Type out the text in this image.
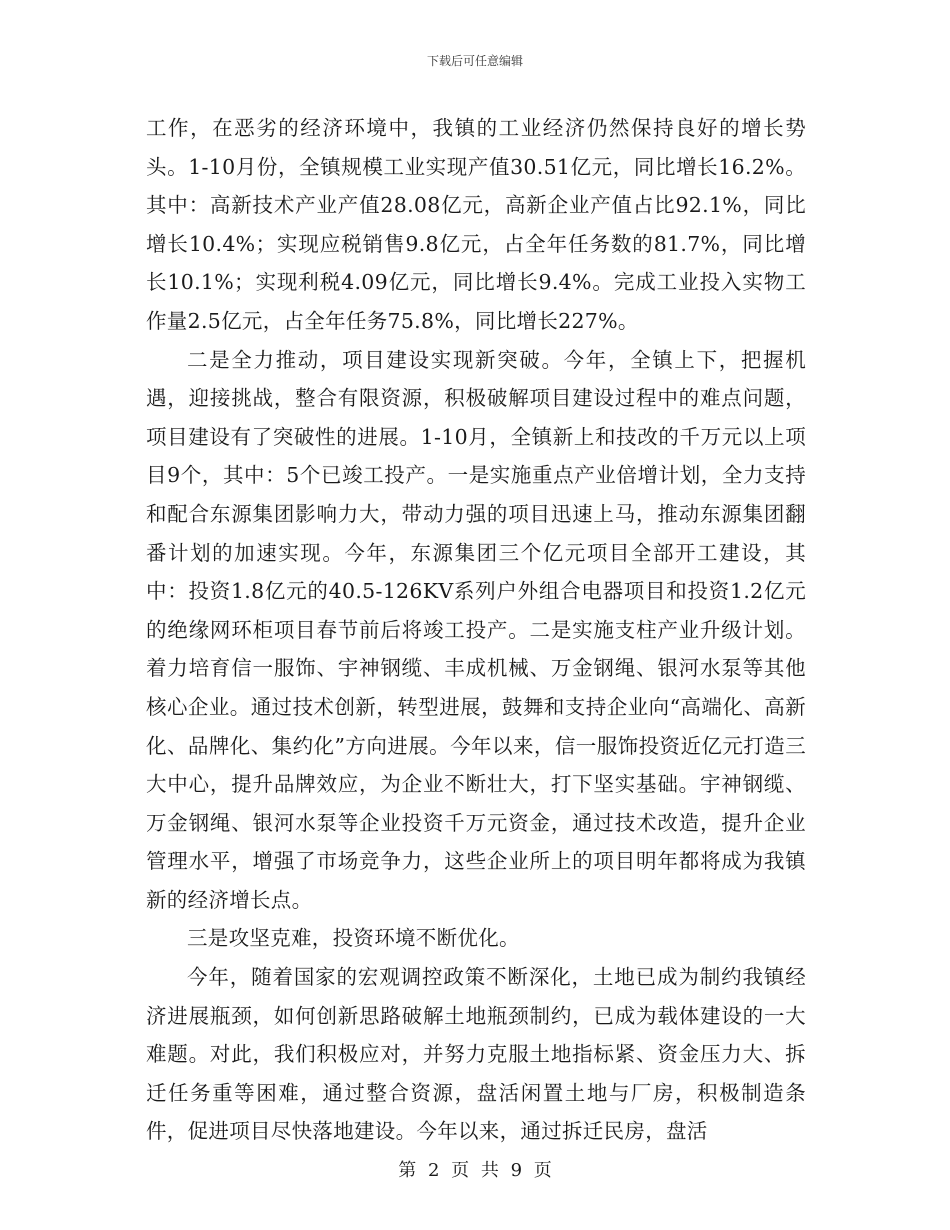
下载后可任意编辑

工作，在恶劣的经济环境中，我镇的工业经济仍然保持良好的增长势头。1-10月份，全镇规模工业实现产值30.51亿元，同比增长16.2%。其中：高新技术产业产值28.08亿元，高新企业产值占比92.1%，同比增长10.4%；实现应税销售9.8亿元，占全年任务数的81.7%，同比增长10.1%；实现利税4.09亿元，同比增长9.4%。完成工业投入实物工作量2.5亿元，占全年任务75.8%，同比增长227%。

二是全力推动，项目建设实现新突破。今年，全镇上下，把握机遇，迎接挑战，整合有限资源，积极破解项目建设过程中的难点问题，项目建设有了突破性的进展。1-10月，全镇新上和技改的千万元以上项目9个，其中：5个已竣工投产。一是实施重点产业倍增计划，全力支持和配合东源集团影响力大，带动力强的项目迅速上马，推动东源集团翻番计划的加速实现。今年，东源集团三个亿元项目全部开工建设，其中：投资1.8亿元的40.5-126KV系列户外组合电器项目和投资1.2亿元的绝缘网环柜项目春节前后将竣工投产。二是实施支柱产业升级计划。着力培育信一服饰、宇神钢缆、丰成机械、万金钢绳、银河水泵等其他核心企业。通过技术创新，转型进展，鼓舞和支持企业向“高端化、高新化、品牌化、集约化”方向进展。今年以来，信一服饰投资近亿元打造三大中心，提升品牌效应，为企业不断壮大，打下坚实基础。宇神钢缆、万金钢绳、银河水泵等企业投资千万元资金，通过技术改造，提升企业管理水平，增强了市场竞争力，这些企业所上的项目明年都将成为我镇新的经济增长点。

三是攻坚克难，投资环境不断优化。

今年，随着国家的宏观调控政策不断深化，土地已成为制约我镇经济进展瓶颈，如何创新思路破解土地瓶颈制约，已成为载体建设的一大难题。对此，我们积极应对，并努力克服土地指标紧、资金压力大、拆迁任务重等困难，通过整合资源，盘活闲置土地与厂房，积极制造条件，促进项目尽快落地建设。今年以来，通过拆迁民房，盘活

第 2 页 共 9 页
